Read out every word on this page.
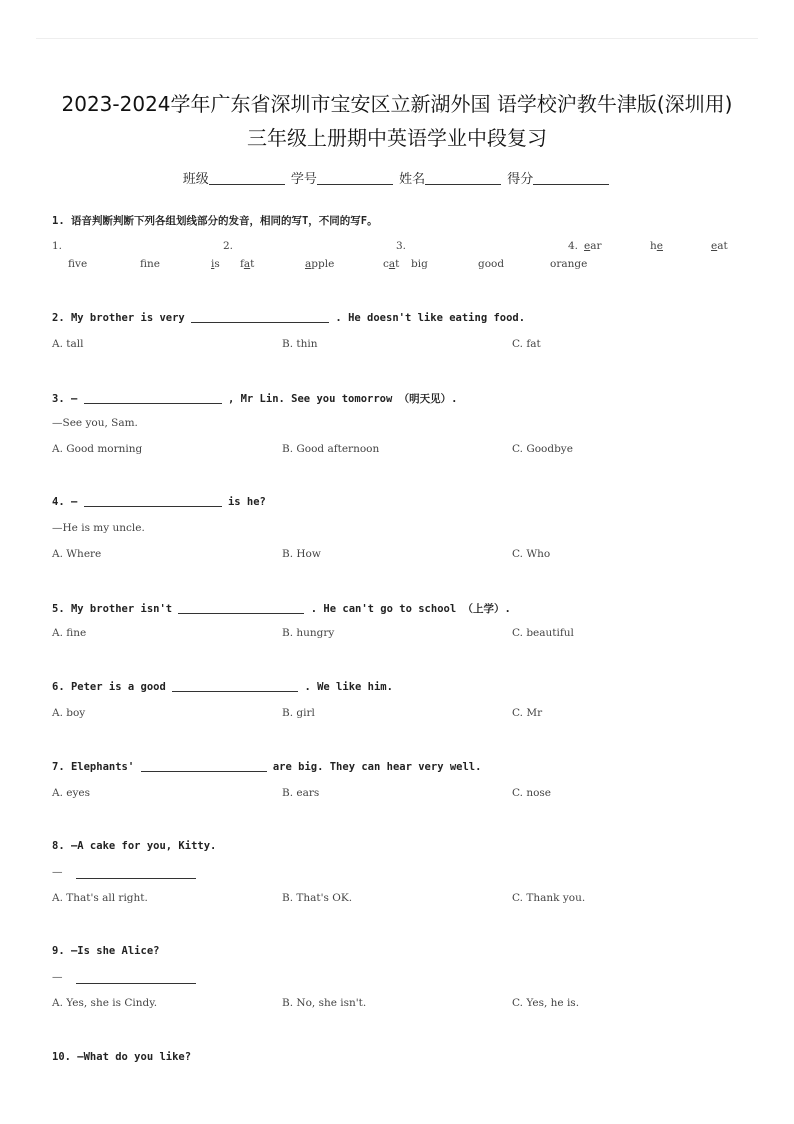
2023-2024学年广东省深圳市宝安区立新湖外国 语学校沪教牛津版(深圳用)
三年级上册期中英语学业中段复习
班级	学号	姓名	得分
1. 语音判断判断下列各组划线部分的发音，相同的写T，不同的写F。
1.	2.	3.	4. ear	he	eat
fve	fne	is fat	apple	cat big	good	orange
2. My brother is very	. He doesn't like eating food.
A. tall	B. thin	C. fat
3. —	, Mr Lin. See you tomorrow （明天见）.
—See you, Sam.
A. Good morning	B. Good afternoon	C. Goodbye
4. —	is he?
—He is my uncle.
A. Where	B. How	C. Who
5. My brother isn't	. He can't go to school （上学）.
A. fine	B. hungry	C. beautiful
6. Peter is a good	. We like him.
A. boy	B. girl	C. Mr
7. Elephants'	are big. They can hear very well.
A. eyes	B. ears	C. nose
8. —A cake for you, Kitty.
—
A. That's all right.	B. That's OK.	C. Thank you.
9. —Is she Alice?
—
A. Yes, she is Cindy.	B. No, she isn't.	C. Yes, he is.
10. —What do you like?
